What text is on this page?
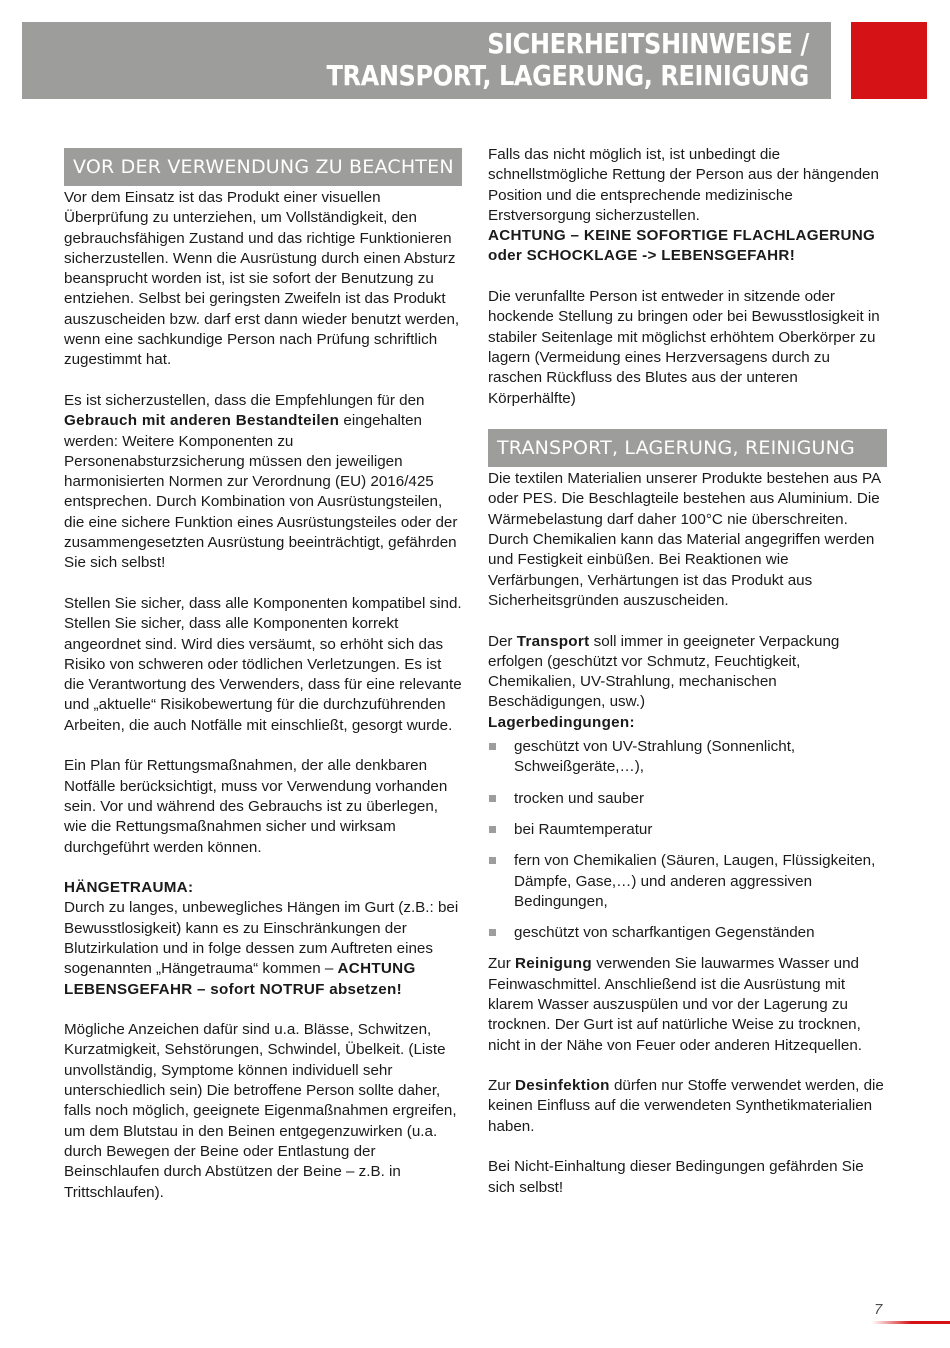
SICHERHEITSHINWEISE /
TRANSPORT, LAGERUNG, REINIGUNG
VOR DER VERWENDUNG ZU BEACHTEN

Vor dem Einsatz ist das Produkt einer visuellen Überprüfung zu unterziehen, um Vollständigkeit, den gebrauchsfähigen Zustand und das richtige Funktionieren sicherzustellen. Wenn die Ausrüstung durch einen Absturz beansprucht worden ist, ist sie sofort der Benutzung zu entziehen. Selbst bei geringsten Zweifeln ist das Produkt auszuscheiden bzw. darf erst dann wieder benutzt werden, wenn eine sachkundige Person nach Prüfung schriftlich zugestimmt hat.

Es ist sicherzustellen, dass die Empfehlungen für den Gebrauch mit anderen Bestandteilen eingehalten werden: Weitere Komponenten zu Personenabsturzsicherung müssen den jeweiligen harmonisierten Normen zur Verordnung (EU) 2016/425 entsprechen. Durch Kombination von Ausrüstungsteilen, die eine sichere Funktion eines Ausrüstungsteiles oder der zusammengesetzten Ausrüstung beeinträchtigt, gefährden Sie sich selbst!

Stellen Sie sicher, dass alle Komponenten kompatibel sind. Stellen Sie sicher, dass alle Komponenten korrekt angeordnet sind. Wird dies versäumt, so erhöht sich das Risiko von schweren oder tödlichen Verletzungen. Es ist die Verantwortung des Verwenders, dass für eine relevante und „aktuelle“ Risikobewertung für die durchzuführenden Arbeiten, die auch Notfälle mit einschließt, gesorgt wurde.

Ein Plan für Rettungsmaßnahmen, der alle denkbaren Notfälle berücksichtigt, muss vor Verwendung vorhanden sein. Vor und während des Gebrauchs ist zu überlegen, wie die Rettungsmaßnahmen sicher und wirksam durchgeführt werden können.

HÄNGETRAUMA:

Durch zu langes, unbewegliches Hängen im Gurt (z.B.: bei Bewusstlosigkeit) kann es zu Einschränkungen der Blutzirkulation und in folge dessen zum Auftreten eines sogenannten „Hängetrauma“ kommen – ACHTUNG LEBENSGEFAHR – sofort NOTRUF absetzen!

Mögliche Anzeichen dafür sind u.a. Blässe, Schwitzen, Kurzatmigkeit, Sehstörungen, Schwindel, Übelkeit. (Liste unvollständig, Symptome können individuell sehr unterschiedlich sein) Die betroffene Person sollte daher, falls noch möglich, geeignete Eigenmaßnahmen ergreifen, um dem Blutstau in den Beinen entgegenzuwirken (u.a. durch Bewegen der Beine oder Entlastung der Beinschlaufen durch Abstützen der Beine – z.B. in Trittschlaufen).

Falls das nicht möglich ist, ist unbedingt die schnellstmögliche Rettung der Person aus der hängenden Position und die entsprechende medizinische Erstversorgung sicherzustellen.

ACHTUNG – KEINE SOFORTIGE FLACHLAGERUNG oder SCHOCKLAGE -> LEBENSGEFAHR!

Die verunfallte Person ist entweder in sitzende oder hockende Stellung zu bringen oder bei Bewusstlosigkeit in stabiler Seitenlage mit möglichst erhöhtem Oberkörper zu lagern (Vermeidung eines Herzversagens durch zu raschen Rückfluss des Blutes aus der unteren Körperhälfte)

TRANSPORT, LAGERUNG, REINIGUNG

Die textilen Materialien unserer Produkte bestehen aus PA oder PES. Die Beschlagteile bestehen aus Aluminium. Die Wärmebelastung darf daher 100°C nie überschreiten. Durch Chemikalien kann das Material angegriffen werden und Festigkeit einbüßen. Bei Reaktionen wie Verfärbungen, Verhärtungen ist das Produkt aus Sicherheitsgründen auszuscheiden.

Der Transport soll immer in geeigneter Verpackung erfolgen (geschützt vor Schmutz, Feuchtigkeit, Chemikalien, UV-Strahlung, mechanischen Beschädigungen, usw.)

Lagerbedingungen:

geschützt von UV-Strahlung (Sonnenlicht, Schweißgeräte,…),
trocken und sauber
bei Raumtemperatur
fern von Chemikalien (Säuren, Laugen, Flüssigkeiten, Dämpfe, Gase,…) und anderen aggressiven Bedingungen,
geschützt von scharfkantigen Gegenständen

Zur Reinigung verwenden Sie lauwarmes Wasser und Feinwaschmittel. Anschließend ist die Ausrüstung mit klarem Wasser auszuspülen und vor der Lagerung zu trocknen. Der Gurt ist auf natürliche Weise zu trocknen, nicht in der Nähe von Feuer oder anderen Hitzequellen.

Zur Desinfektion dürfen nur Stoffe verwendet werden, die keinen Einfluss auf die verwendeten Synthetikmaterialien haben.

Bei Nicht-Einhaltung dieser Bedingungen gefährden Sie sich selbst!

7
